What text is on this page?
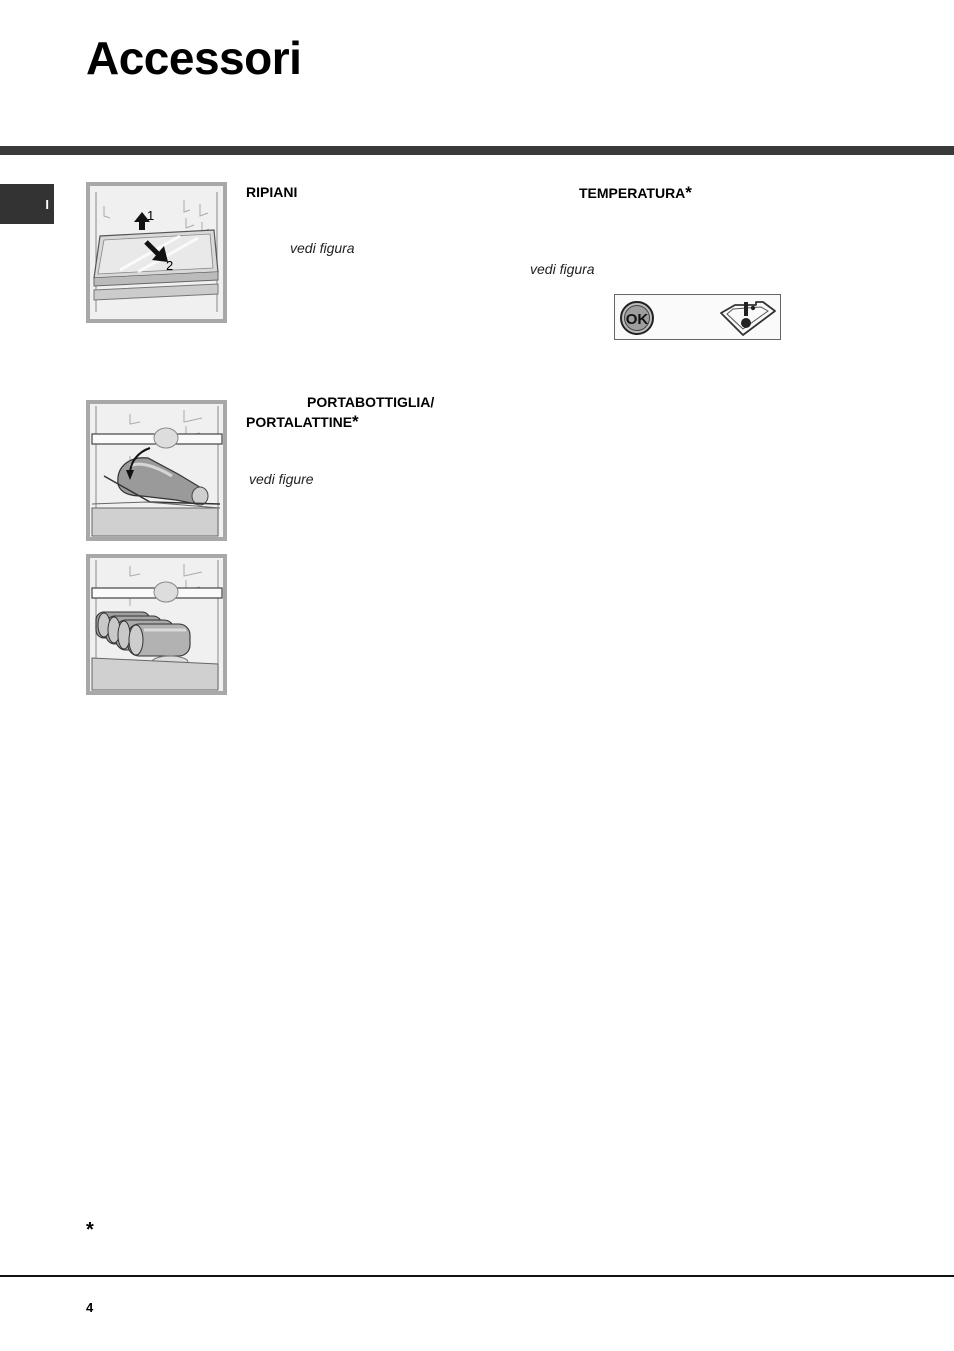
Accessori
I
1
2
RIPIANI
vedi figura
TEMPERATURA*
vedi figura
OK
PORTABOTTIGLIA/
PORTALATTINE*
vedi figure
*
4
